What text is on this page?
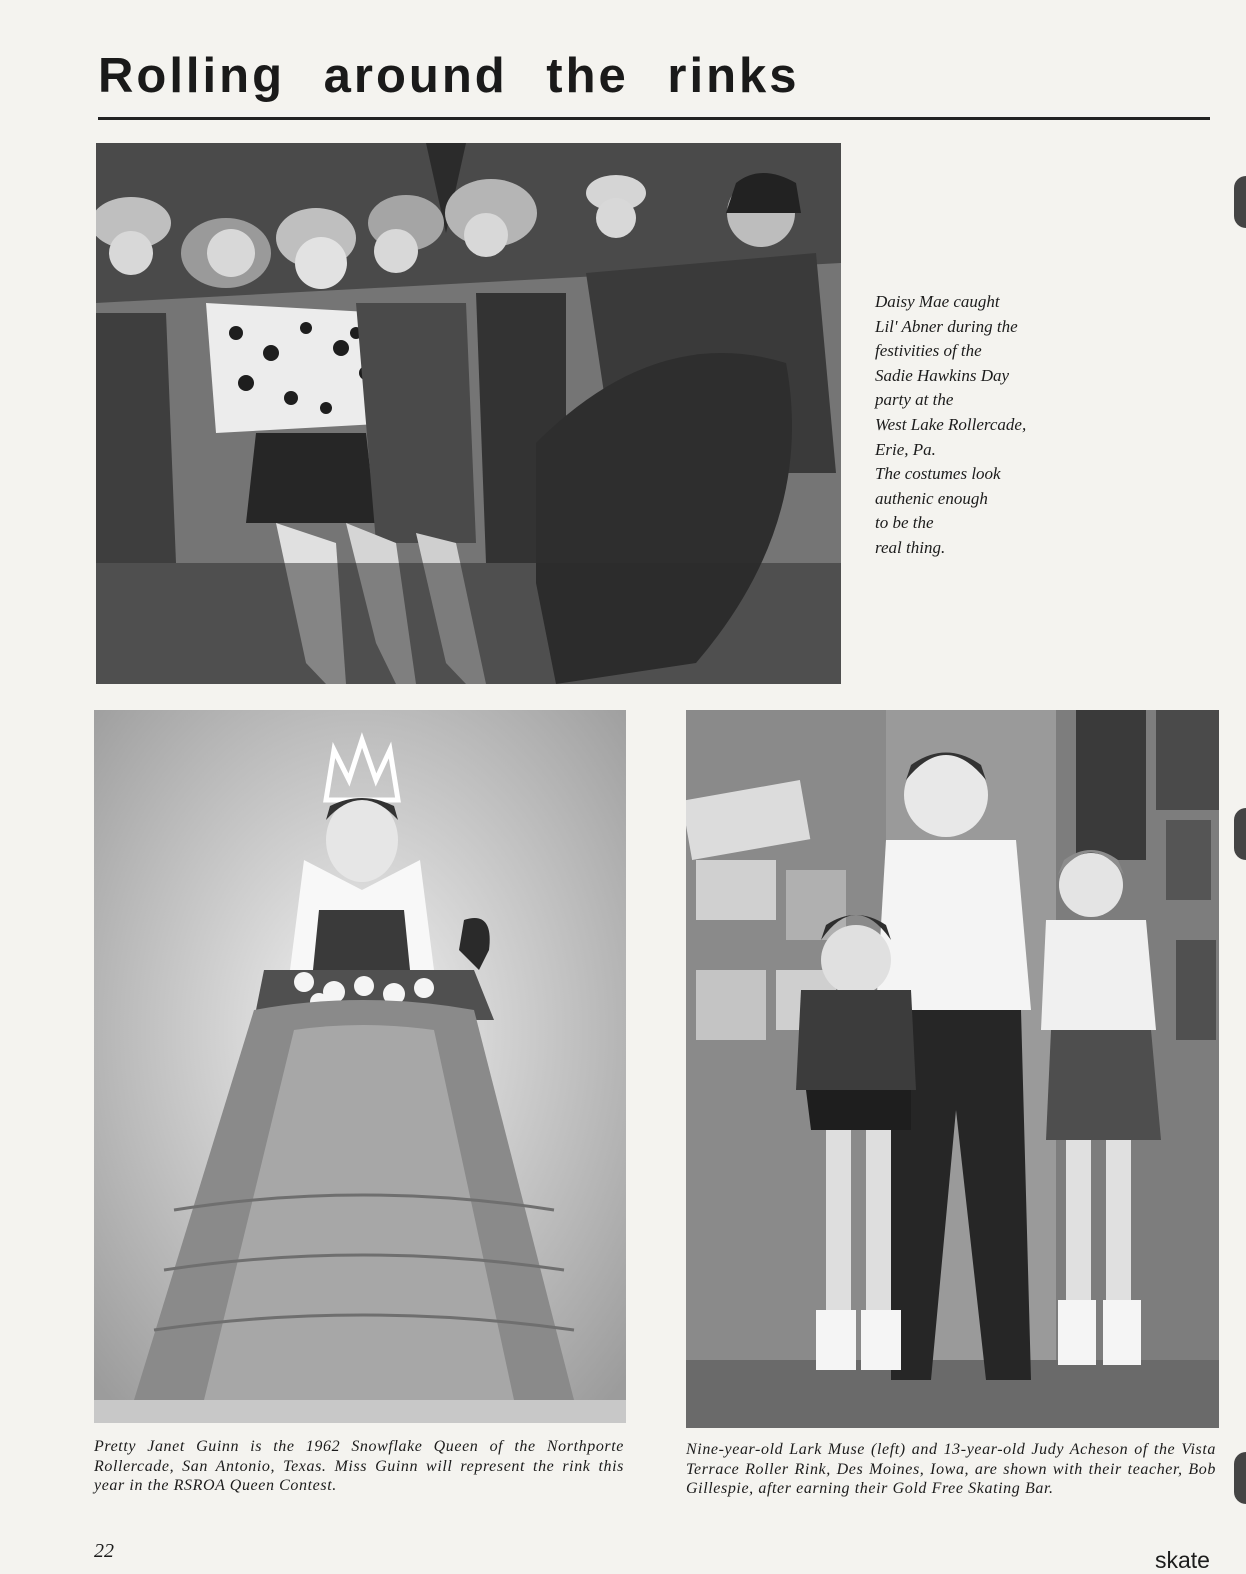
Rolling around the rinks
Daisy Mae caught
Lil' Abner during the
festivities of the
Sadie Hawkins Day
party at the
West Lake Rollercade,
Erie, Pa.
The costumes look
authenic enough
to be the
real thing.
Pretty Janet Guinn is the 1962 Snowflake Queen of the Northporte Rollercade, San Antonio, Texas. Miss Guinn will represent the rink this year in the RSROA Queen Contest.
Nine-year-old Lark Muse (left) and 13-year-old Judy Acheson of the Vista Terrace Roller Rink, Des Moines, Iowa, are shown with their teacher, Bob Gillespie, after earning their Gold Free Skating Bar.
22	skate
